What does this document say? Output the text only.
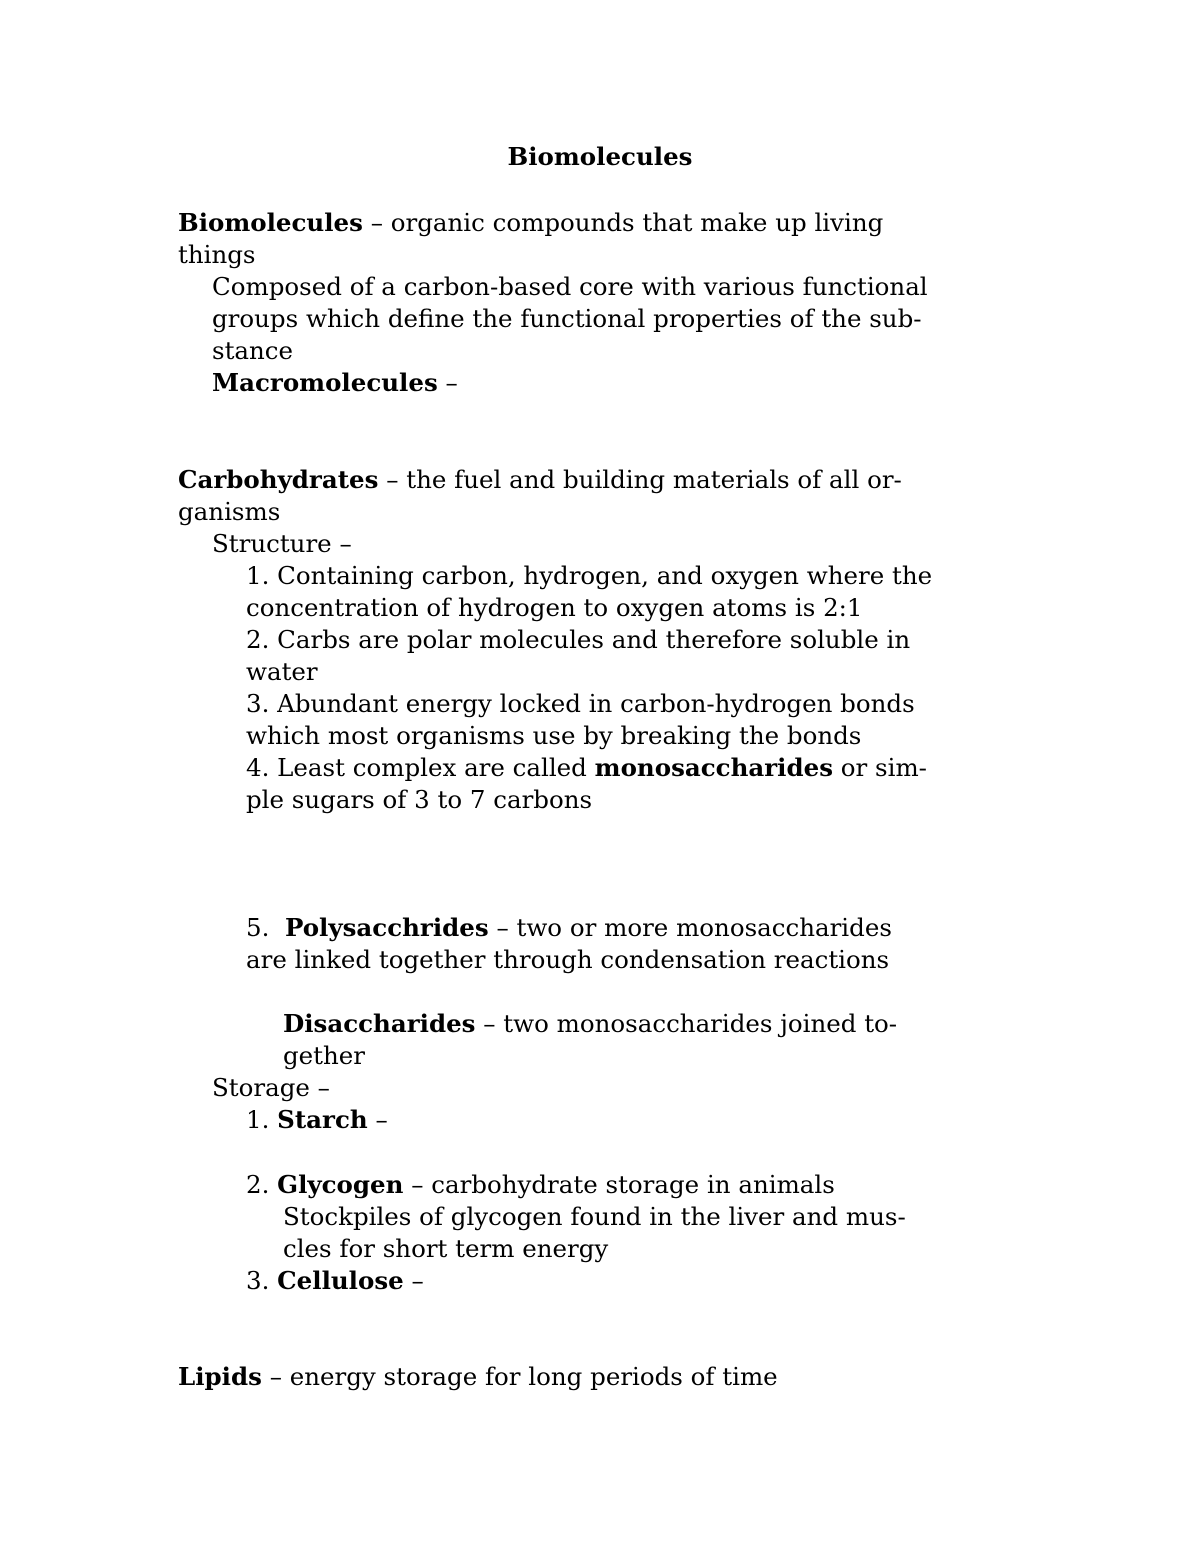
Biomolecules

Biomolecules – organic compounds that make up living

things

Composed of a carbon-based core with various functional

groups which define the functional properties of the sub-

stance

Macromolecules –

Carbohydrates – the fuel and building materials of all or-

ganisms

Structure –

1. Containing carbon, hydrogen, and oxygen where the

concentration of hydrogen to oxygen atoms is 2:1

2. Carbs are polar molecules and therefore soluble in

water

3. Abundant energy locked in carbon-hydrogen bonds

which most organisms use by breaking the bonds

4. Least complex are called monosaccharides or sim-

ple sugars of 3 to 7 carbons

5.  Polysacchrides – two or more monosaccharides

are linked together through condensation reactions

Disaccharides – two monosaccharides joined to-

gether

Storage –

1. Starch –

2. Glycogen – carbohydrate storage in animals

Stockpiles of glycogen found in the liver and mus-

cles for short term energy

3. Cellulose –

Lipids – energy storage for long periods of time
